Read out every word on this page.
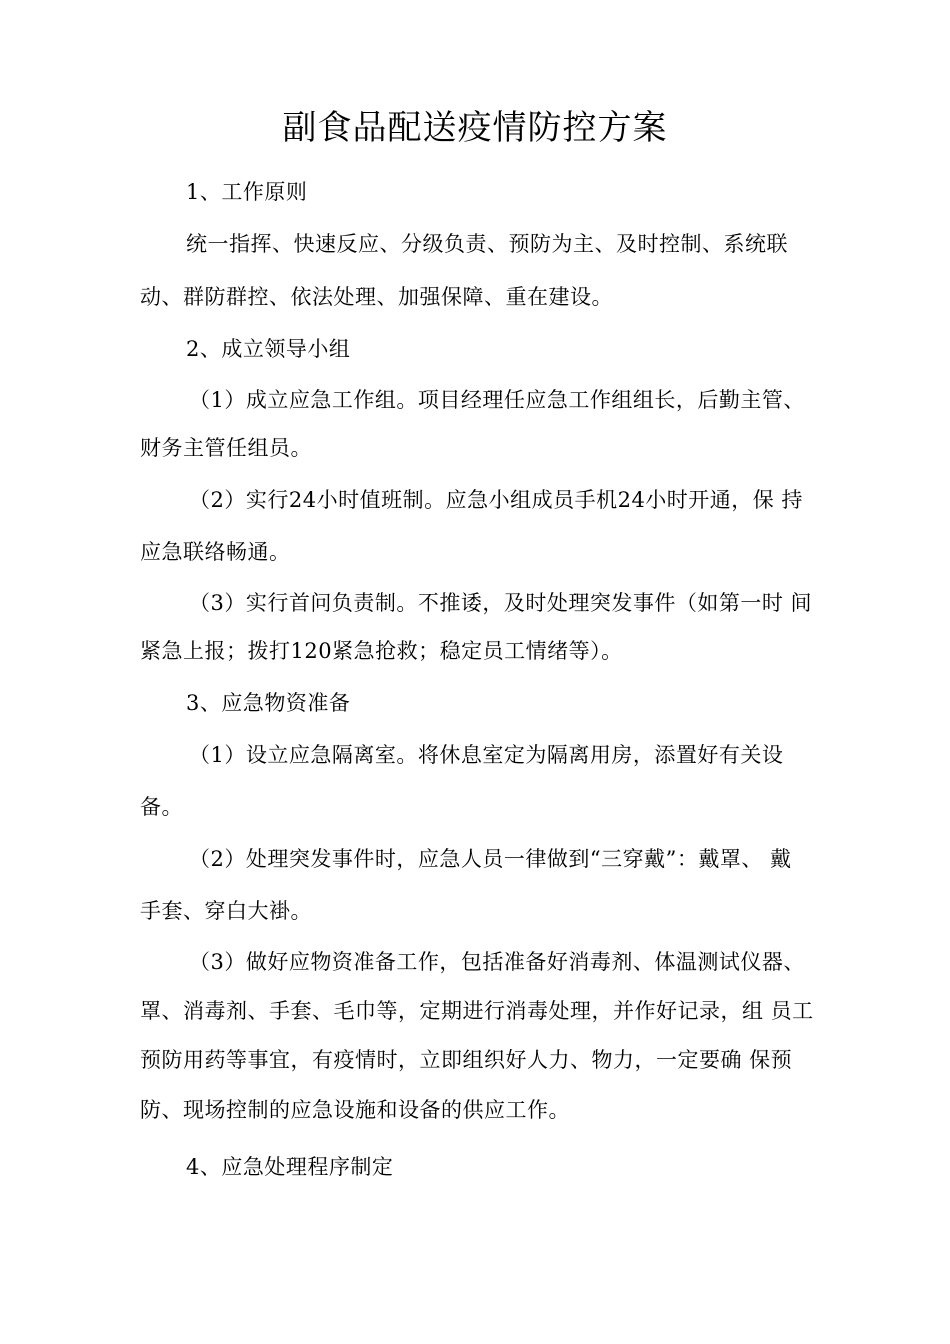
副食品配送疫情防控方案
1、工作原则
统一指挥、快速反应、分级负责、预防为主、及时控制、系统联
动、群防群控、依法处理、加强保障、重在建设。
2、成立领导小组
（1）成立应急工作组。项目经理任应急工作组组长，后勤主管、
财务主管任组员。
（2）实行24小时值班制。应急小组成员手机24小时开通，保 持
应急联络畅通。
（3）实行首问负责制。不推诿，及时处理突发事件（如第一时 间
紧急上报；拨打120紧急抢救；稳定员工情绪等）。
3、应急物资准备
（1）设立应急隔离室。将休息室定为隔离用房，添置好有关设
备。
（2）处理突发事件时，应急人员一律做到“三穿戴”：戴罩、 戴
手套、穿白大褂。
（3）做好应物资准备工作，包括准备好消毒剂、体温测试仪器、
罩、消毒剂、手套、毛巾等，定期进行消毒处理，并作好记录，组 员工
预防用药等事宜，有疫情时，立即组织好人力、物力，一定要确 保预
防、现场控制的应急设施和设备的供应工作。
4、应急处理程序制定
